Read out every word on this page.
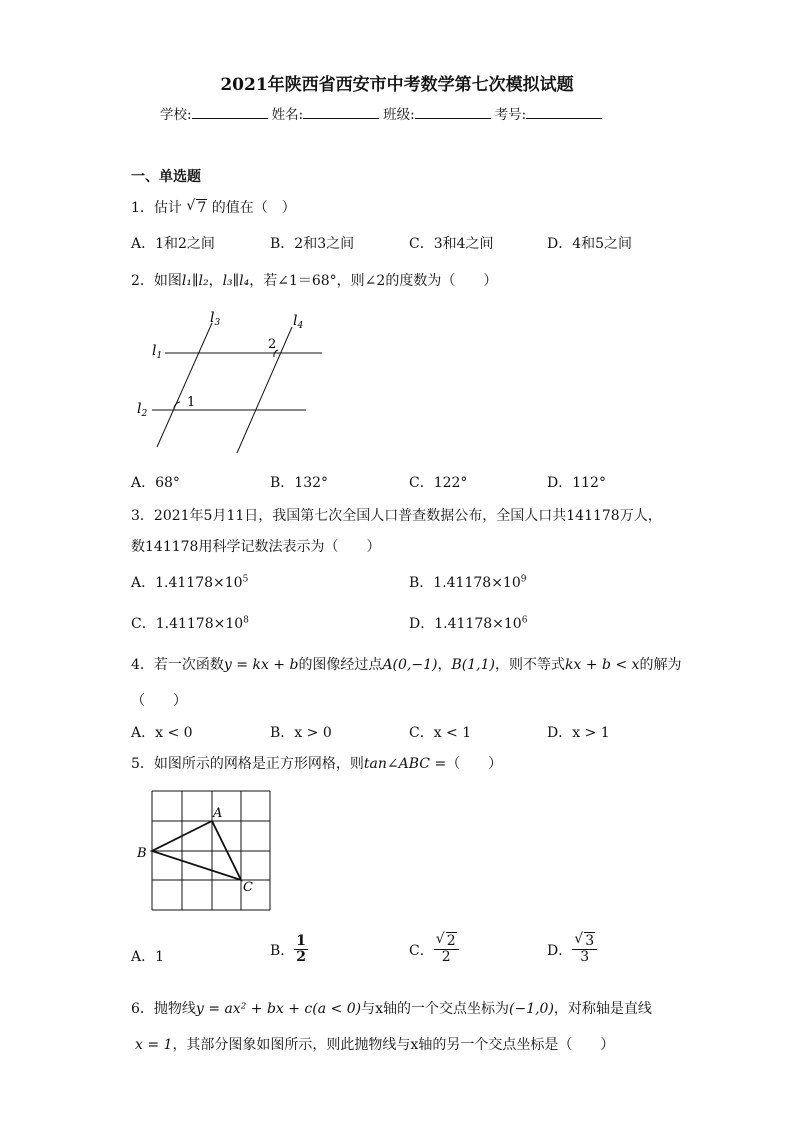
2021年陕西省西安市中考数学第七次模拟试题
学校:	姓名:	班级:	考号:
一、单选题
1．估计 √ 7 的值在（　）
A．1和2之间	B．2和3之间	C．3和4之间	D．4和5之间
2．如图l₁∥l₂，l₃∥l₄，若∠1＝68°，则∠2的度数为（　　）
$l_1$
$l_2$
$l_3$	$l_4$
1
2
A．68°	B．132°	C．122°	D．112°
3．2021年5月11日，我国第七次全国人口普查数据公布，全国人口共141178万人，
数141178用科学记数法表示为（　　）
A．$1.41178\times 10^5$	B．$1.41178\times 10^9$
C．$1.41178\times 10^8$	D．$1.41178\times 10^6$
4．若一次函数y = kx + b的图像经过点A(0,−1)，B(1,1)，则不等式kx + b < x的解为
（　　）
A．x < 0	B．x > 0	C．x < 1	D．x > 1
5．如图所示的网格是正方形网格，则tan∠ABC =（　　）
A
B
C
A．1	B． $\frac{1}{2}$	C． √ $\frac{2}{2}$	D． √ $\frac{3}{3}$
6．抛物线y = ax² + bx + c(a < 0)与x轴的一个交点坐标为(−1,0)，对称轴是直线
x = 1，其部分图象如图所示，则此抛物线与x轴的另一个交点坐标是（　　）
